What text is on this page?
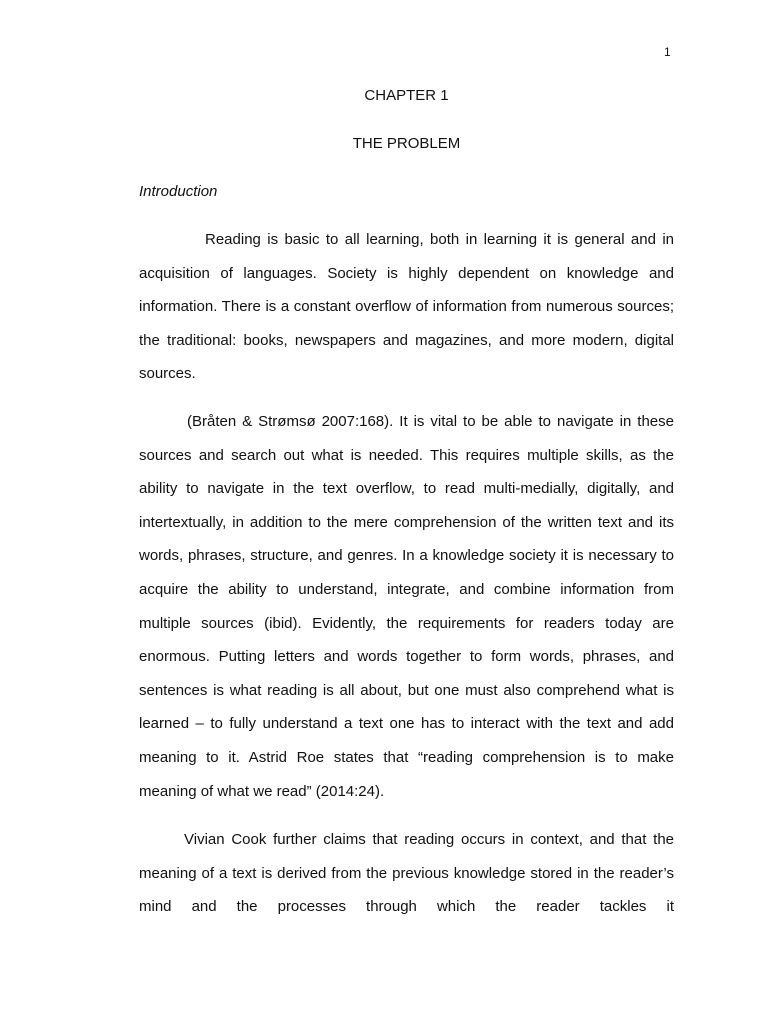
1
CHAPTER 1
THE PROBLEM
Introduction

Reading is basic to all learning, both in learning it is general and in acquisition of languages. Society is highly dependent on knowledge and information. There is a constant overflow of information from numerous sources; the traditional: books, newspapers and magazines, and more modern, digital sources.

(Bråten & Strømsø 2007:168). It is vital to be able to navigate in these sources and search out what is needed. This requires multiple skills, as the ability to navigate in the text overflow, to read multi-medially, digitally, and intertextually, in addition to the mere comprehension of the written text and its words, phrases, structure, and genres. In a knowledge society it is necessary to acquire the ability to understand, integrate, and combine information from multiple sources (ibid). Evidently, the requirements for readers today are enormous. Putting letters and words together to form words, phrases, and sentences is what reading is all about, but one must also comprehend what is learned – to fully understand a text one has to interact with the text and add meaning to it. Astrid Roe states that “reading comprehension is to make meaning of what we read” (2014:24).

Vivian Cook further claims that reading occurs in context, and that the meaning of a text is derived from the previous knowledge stored in the reader’s mind and the processes through which the reader tackles it
